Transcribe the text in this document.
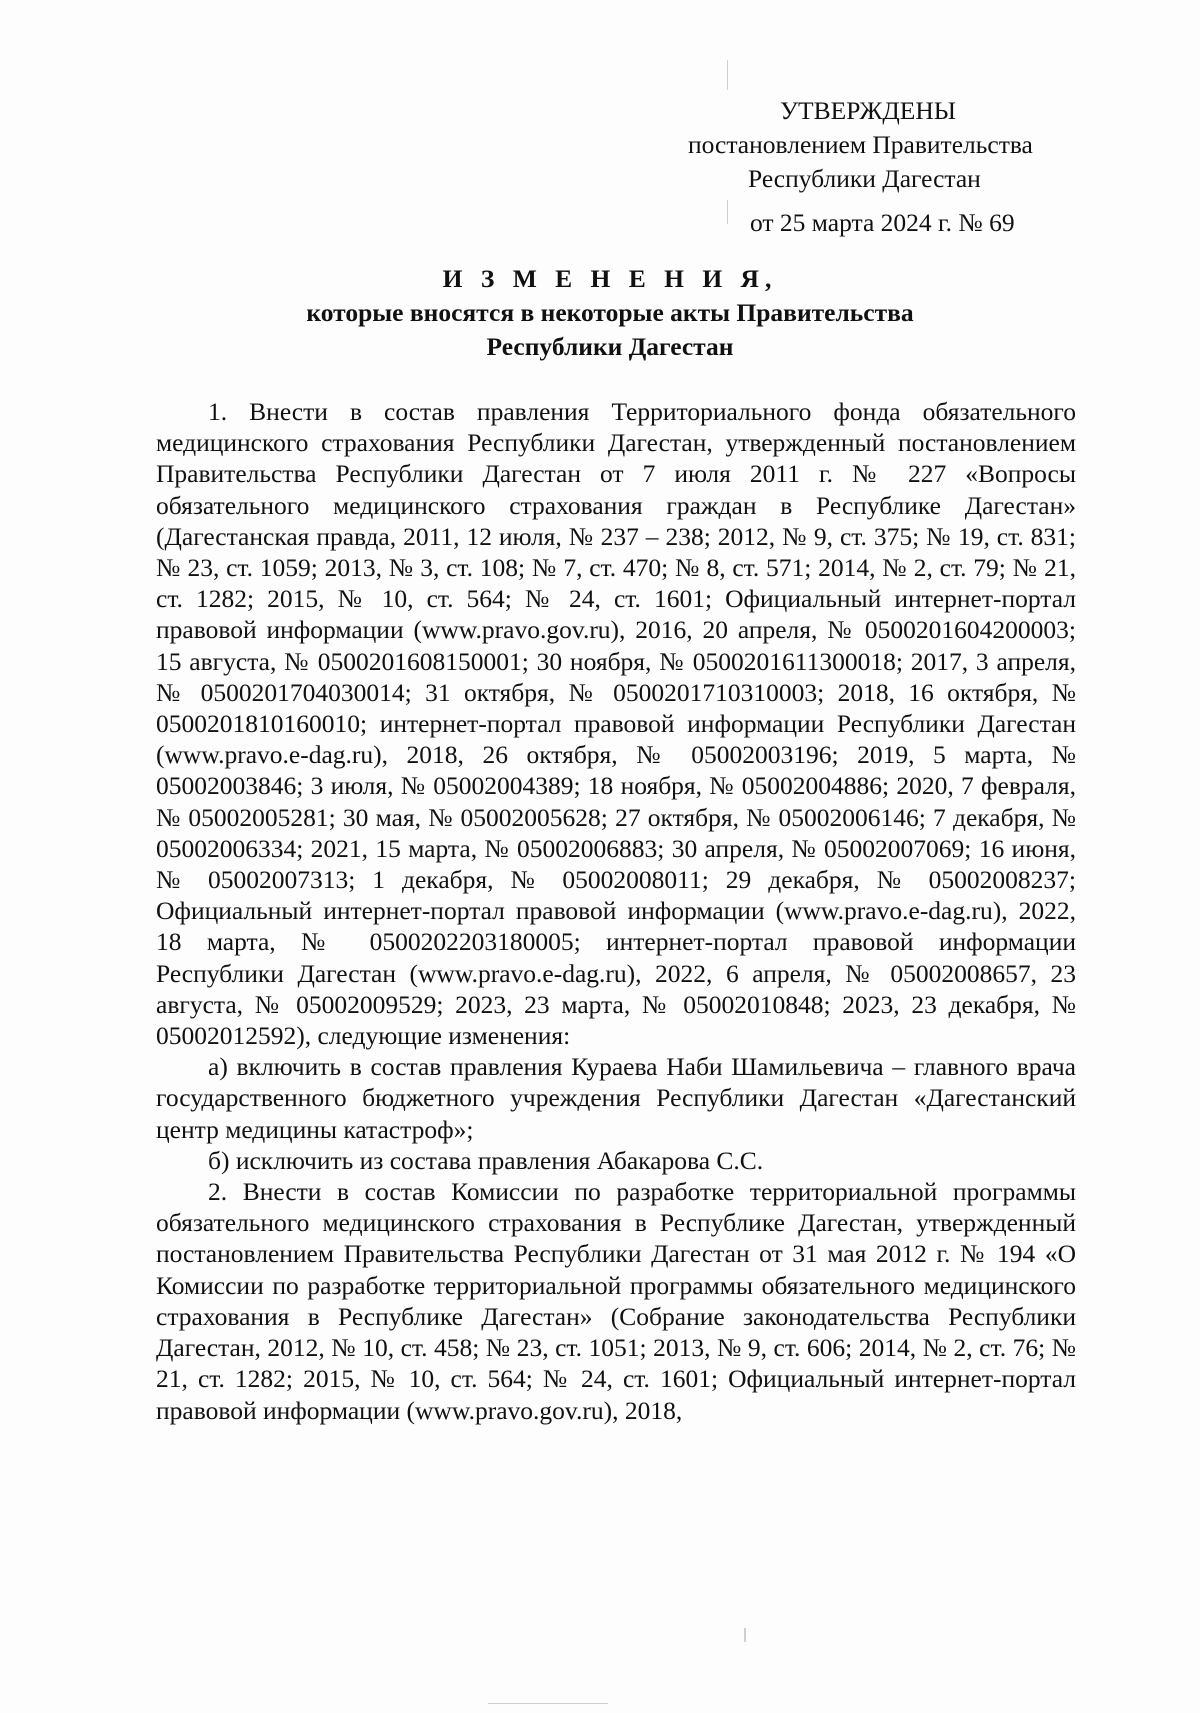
УТВЕРЖДЕНЫ
постановлением Правительства
Республики Дагестан
от 25 марта 2024 г. № 69
И З М Е Н Е Н И Я,
которые вносятся в некоторые акты Правительства
Республики Дагестан

1. Внести в состав правления Территориального фонда обязательного медицинского страхования Республики Дагестан, утвержденный постановлением Правительства Республики Дагестан от 7 июля 2011 г. № 227 «Вопросы обязательного медицинского страхования граждан в Республике Дагестан» (Дагестанская правда, 2011, 12 июля, № 237 – 238; 2012, № 9, ст. 375; № 19, ст. 831; № 23, ст. 1059; 2013, № 3, ст. 108; № 7, ст. 470; № 8, ст. 571; 2014, № 2, ст. 79; № 21, ст. 1282; 2015, № 10, ст. 564; № 24, ст. 1601; Официальный интернет-портал правовой информации (www.pravo.gov.ru), 2016, 20 апреля, № 0500201604200003; 15 августа, № 0500201608150001; 30 ноября, № 0500201611300018; 2017, 3 апреля, № 0500201704030014; 31 октября, № 0500201710310003; 2018, 16 октября, № 0500201810160010; интернет-портал правовой информации Республики Дагестан (www.pravo.e-dag.ru), 2018, 26 октября, № 05002003196; 2019, 5 марта, № 05002003846; 3 июля, № 05002004389; 18 ноября, № 05002004886; 2020, 7 февраля, № 05002005281; 30 мая, № 05002005628; 27 октября, № 05002006146; 7 декабря, № 05002006334; 2021, 15 марта, № 05002006883; 30 апреля, № 05002007069; 16 июня, № 05002007313; 1 декабря, № 05002008011; 29 декабря, № 05002008237; Официальный интернет-портал правовой информации (www.pravo.e-dag.ru), 2022, 18 марта, № 0500202203180005; интернет-портал правовой информации Республики Дагестан (www.pravo.e-dag.ru), 2022, 6 апреля, № 05002008657, 23 августа, № 05002009529; 2023, 23 марта, № 05002010848; 2023, 23 декабря, № 05002012592), следующие изменения:

а) включить в состав правления Кураева Наби Шамильевича – главного врача государственного бюджетного учреждения Республики Дагестан «Дагестанский центр медицины катастроф»;

б) исключить из состава правления Абакарова С.С.

2. Внести в состав Комиссии по разработке территориальной программы обязательного медицинского страхования в Республике Дагестан, утвержденный постановлением Правительства Республики Дагестан от 31 мая 2012 г. № 194 «О Комиссии по разработке территориальной программы обязательного медицинского страхования в Республике Дагестан» (Собрание законодательства Республики Дагестан, 2012, № 10, ст. 458; № 23, ст. 1051; 2013, № 9, ст. 606; 2014, № 2, ст. 76; № 21, ст. 1282; 2015, № 10, ст. 564; № 24, ст. 1601; Официальный интернет-портал правовой информации (www.pravo.gov.ru), 2018,
